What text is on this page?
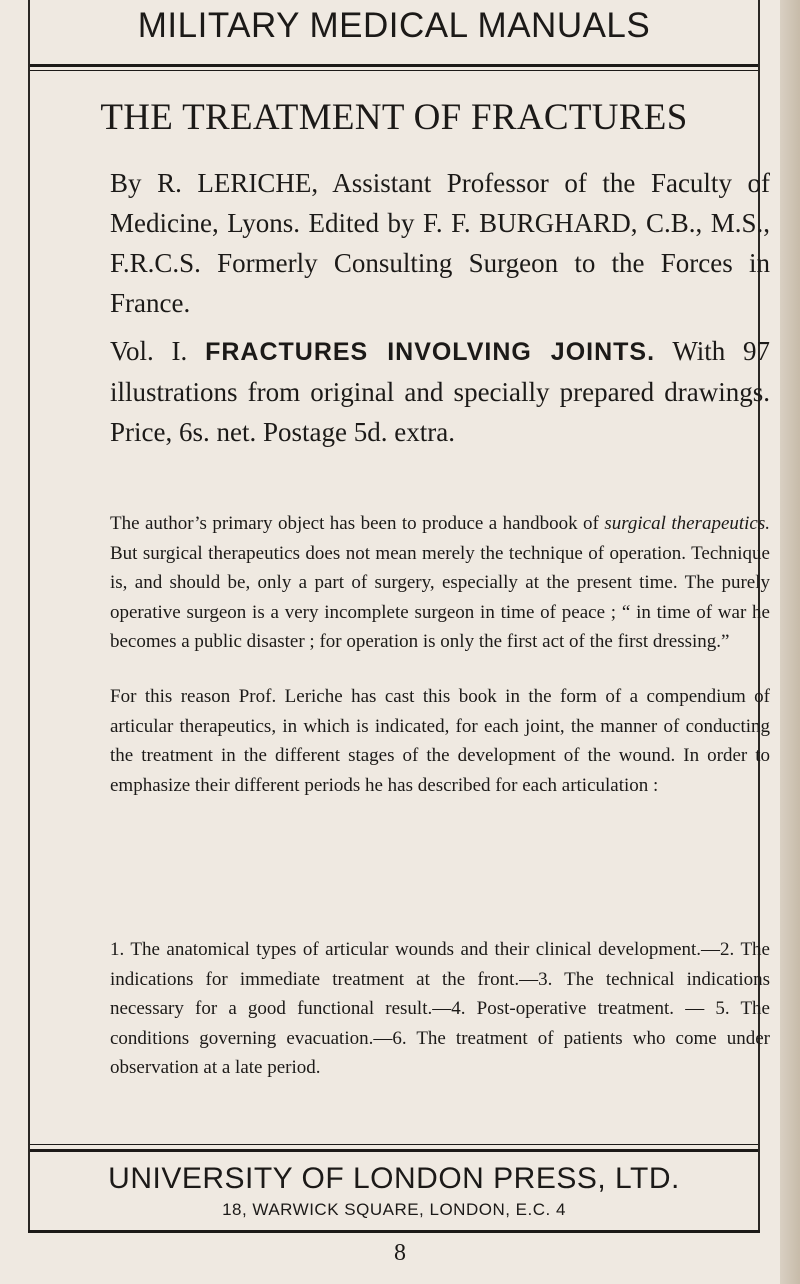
MILITARY MEDICAL MANUALS
THE TREATMENT OF FRACTURES
By R. LERICHE, Assistant Professor of the Faculty of Medicine, Lyons. Edited by F. F. BURGHARD, C.B., M.S., F.R.C.S. Formerly Consulting Surgeon to the Forces in France.
Vol. I. FRACTURES INVOLVING JOINTS. With 97 illustrations from original and specially prepared drawings. Price, 6s. net. Postage 5d. extra.
The author’s primary object has been to produce a handbook of surgical therapeutics. But surgical therapeutics does not mean merely the technique of operation. Technique is, and should be, only a part of surgery, especially at the present time. The purely operative surgeon is a very incomplete surgeon in time of peace ; “ in time of war he becomes a public disaster ; for operation is only the first act of the first dressing.”
For this reason Prof. Leriche has cast this book in the form of a compendium of articular therapeutics, in which is indicated, for each joint, the manner of conducting the treatment in the different stages of the development of the wound. In order to emphasize their different periods he has described for each articulation :
1. The anatomical types of articular wounds and their clinical development.—2. The indications for immediate treatment at the front.—3. The technical indications necessary for a good functional result.—4. Post-operative treatment. — 5. The conditions governing evacuation.—6. The treatment of patients who come under observation at a late period.
UNIVERSITY OF LONDON PRESS, LTD.
18, WARWICK SQUARE, LONDON, E.C. 4
8
